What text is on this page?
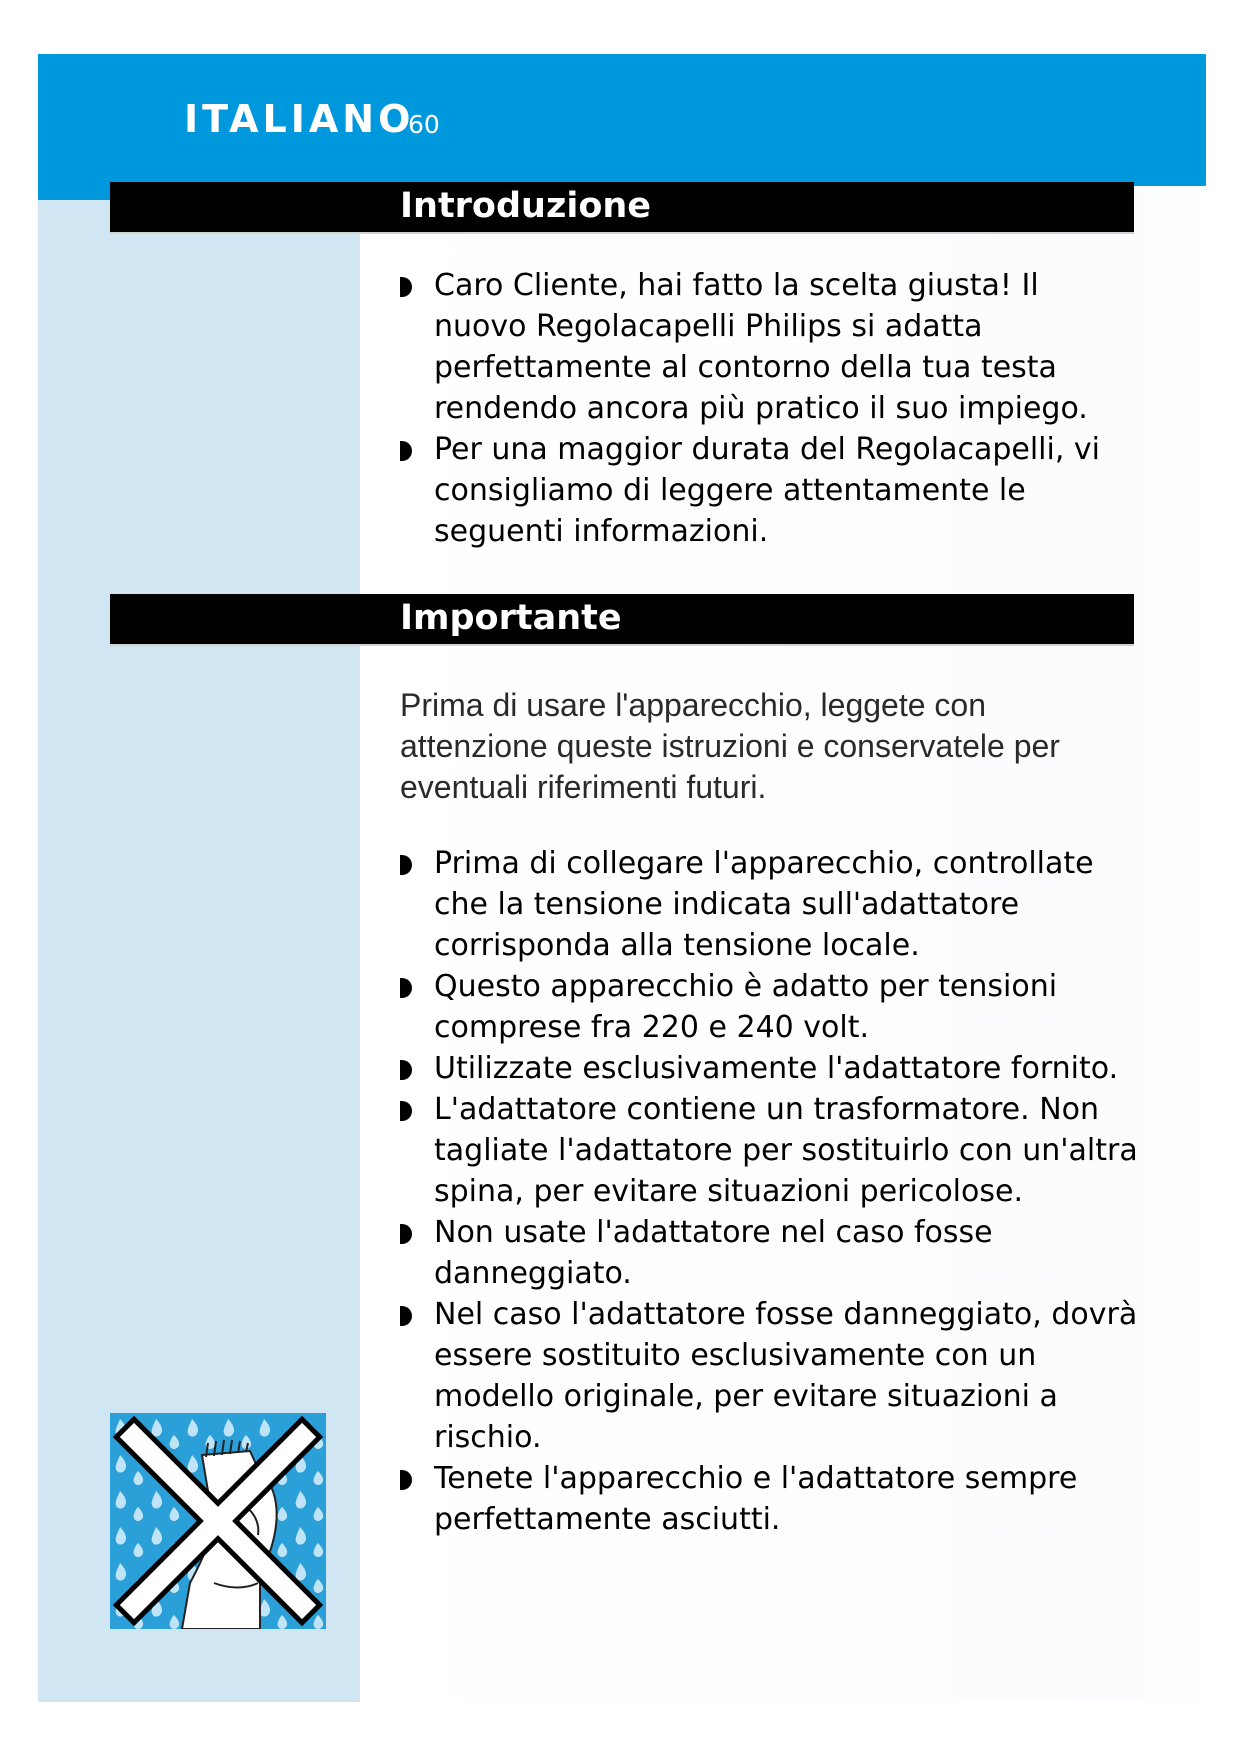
ITALIANO
60
Introduzione
Caro Cliente, hai fatto la scelta giusta! Il nuovo Regolacapelli Philips si adatta perfettamente al contorno della tua testa rendendo ancora più pratico il suo impiego.
Per una maggior durata del Regolacapelli, vi consigliamo di leggere attentamente le seguenti informazioni.
Importante

Prima di usare l'apparecchio, leggete con attenzione queste istruzioni e conservatele per eventuali riferimenti futuri.

Prima di collegare l'apparecchio, controllate che la tensione indicata sull'adattatore corrisponda alla tensione locale.
Questo apparecchio è adatto per tensioni comprese fra 220 e 240 volt.
Utilizzate esclusivamente l'adattatore fornito.
L'adattatore contiene un trasformatore. Non tagliate l'adattatore per sostituirlo con un'altra spina, per evitare situazioni pericolose.
Non usate l'adattatore nel caso fosse danneggiato.
Nel caso l'adattatore fosse danneggiato, dovrà essere sostituito esclusivamente con un modello originale, per evitare situazioni a rischio.
Tenete l'apparecchio e l'adattatore sempre perfettamente asciutti.
